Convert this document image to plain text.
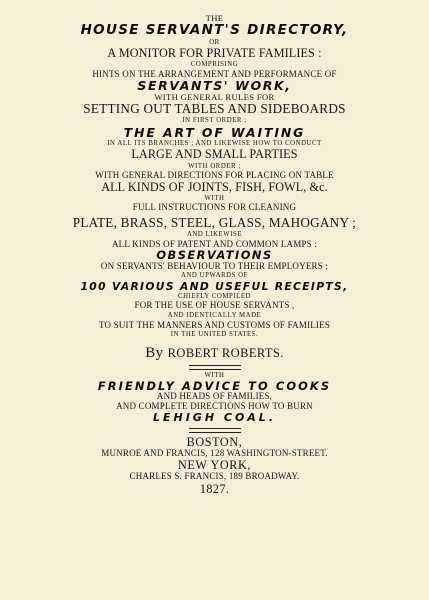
THE
HOUSE SERVANT'S DIRECTORY,
OR
A MONITOR FOR PRIVATE FAMILIES :
COMPRISING
HINTS ON THE ARRANGEMENT AND PERFORMANCE OF
SERVANTS' WORK,
WITH GENERAL RULES FOR
SETTING OUT TABLES AND SIDEBOARDS
IN FIRST ORDER ;
THE ART OF WAITING
IN ALL ITS BRANCHES ; AND LIKEWISE HOW TO CONDUCT
LARGE AND SMALL PARTIES
WITH ORDER ;
WITH GENERAL DIRECTIONS FOR PLACING ON TABLE
ALL KINDS OF JOINTS, FISH, FOWL, &c.
WITH
FULL INSTRUCTIONS FOR CLEANING
PLATE, BRASS, STEEL, GLASS, MAHOGANY ;
AND LIKEWISE
ALL KINDS OF PATENT AND COMMON LAMPS :
OBSERVATIONS
ON SERVANTS' BEHAVIOUR TO THEIR EMPLOYERS ;
AND UPWARDS OF
100 VARIOUS AND USEFUL RECEIPTS,
CHIEFLY COMPILED
FOR THE USE OF HOUSE SERVANTS ,
AND IDENTICALLY MADE
TO SUIT THE MANNERS AND CUSTOMS OF FAMILIES
IN THE UNITED STATES.
By ROBERT ROBERTS.
WITH
FRIENDLY ADVICE TO COOKS
AND HEADS OF FAMILIES,
AND COMPLETE DIRECTIONS HOW TO BURN
LEHIGH COAL.
BOSTON,
MUNROE AND FRANCIS, 128 WASHINGTON-STREET.
NEW YORK,
CHARLES S. FRANCIS, 189 BROADWAY.
1827.
